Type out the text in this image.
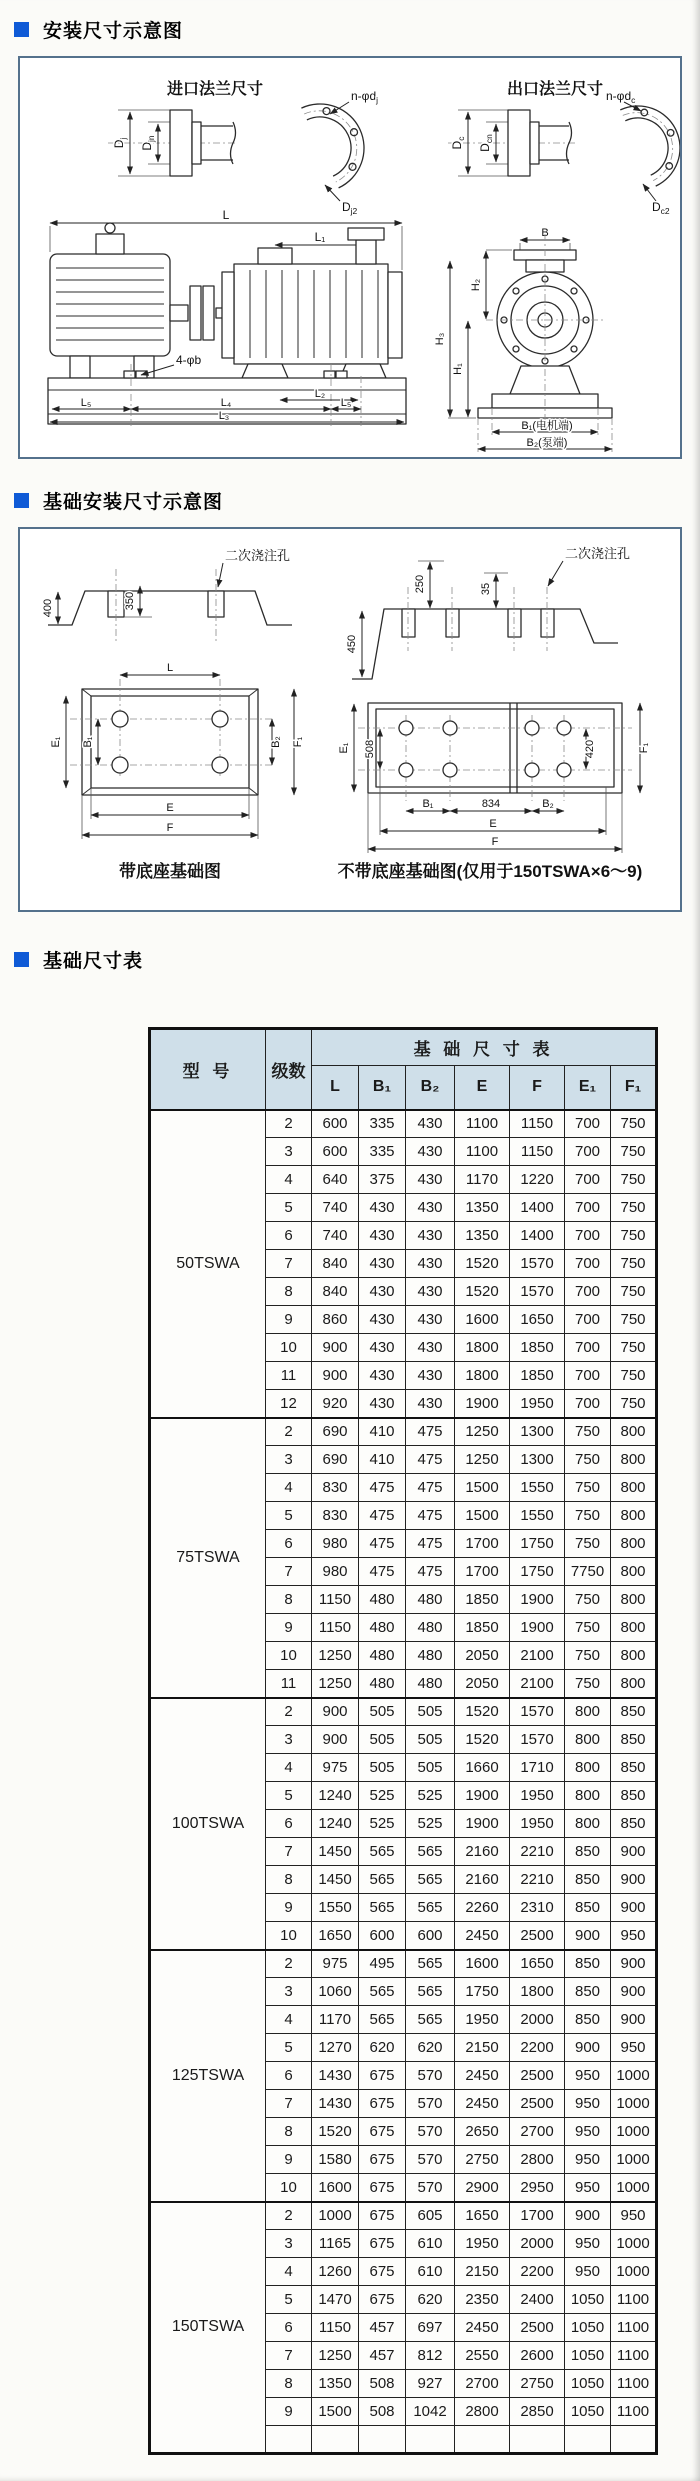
安装尺寸示意图
进口法兰尺寸	出口法兰尺寸
$D_j$
$D_{jn}$
$n-\varphi d_j$
$D_{j2}$
$D_c$
$D_{cn}$
$n-\varphi d_c$
$D_{c2}$
L
L₁
4-φb
L₂
L₅	L₄	L₅
L₃
B
H₂
H₃
H₁
B₁(电机端)
B₂(泵端)
基础安装尺寸示意图
400	350
二次浇注孔
450
250	35
二次浇注孔
L
E₁ B₁	B₂ F₁
E
F
带底座基础图
E₁ 508	420	F₁
B₁	834	B₂
E
F
不带底座基础图(仅用于150TSWA×6～9)
基础尺寸表
型 号	级数	基 础 尺 寸 表						
		L	B₁	B₂	E	F	E₁	F₁
50TSWA	2	600	335	430	1100	1150	700	750
	3	600	335	430	1100	1150	700	750
	4	640	375	430	1170	1220	700	750
	5	740	430	430	1350	1400	700	750
	6	740	430	430	1350	1400	700	750
	7	840	430	430	1520	1570	700	750
	8	840	430	430	1520	1570	700	750
	9	860	430	430	1600	1650	700	750
	10	900	430	430	1800	1850	700	750
	11	900	430	430	1800	1850	700	750
	12	920	430	430	1900	1950	700	750
75TSWA	2	690	410	475	1250	1300	750	800
	3	690	410	475	1250	1300	750	800
	4	830	475	475	1500	1550	750	800
	5	830	475	475	1500	1550	750	800
	6	980	475	475	1700	1750	750	800
	7	980	475	475	1700	1750	7750	800
	8	1150	480	480	1850	1900	750	800
	9	1150	480	480	1850	1900	750	800
	10	1250	480	480	2050	2100	750	800
	11	1250	480	480	2050	2100	750	800
100TSWA	2	900	505	505	1520	1570	800	850
	3	900	505	505	1520	1570	800	850
	4	975	505	505	1660	1710	800	850
	5	1240	525	525	1900	1950	800	850
	6	1240	525	525	1900	1950	800	850
	7	1450	565	565	2160	2210	850	900
	8	1450	565	565	2160	2210	850	900
	9	1550	565	565	2260	2310	850	900
	10	1650	600	600	2450	2500	900	950
125TSWA	2	975	495	565	1600	1650	850	900
	3	1060	565	565	1750	1800	850	900
	4	1170	565	565	1950	2000	850	900
	5	1270	620	620	2150	2200	900	950
	6	1430	675	570	2450	2500	950	1000
	7	1430	675	570	2450	2500	950	1000
	8	1520	675	570	2650	2700	950	1000
	9	1580	675	570	2750	2800	950	1000
	10	1600	675	570	2900	2950	950	1000
150TSWA	2	1000	675	605	1650	1700	900	950
	3	1165	675	610	1950	2000	950	1000
	4	1260	675	610	2150	2200	950	1000
	5	1470	675	620	2350	2400	1050	1100
	6	1150	457	697	2450	2500	1050	1100
	7	1250	457	812	2550	2600	1050	1100
	8	1350	508	927	2700	2750	1050	1100
	9	1500	508	1042	2800	2850	1050	1100
